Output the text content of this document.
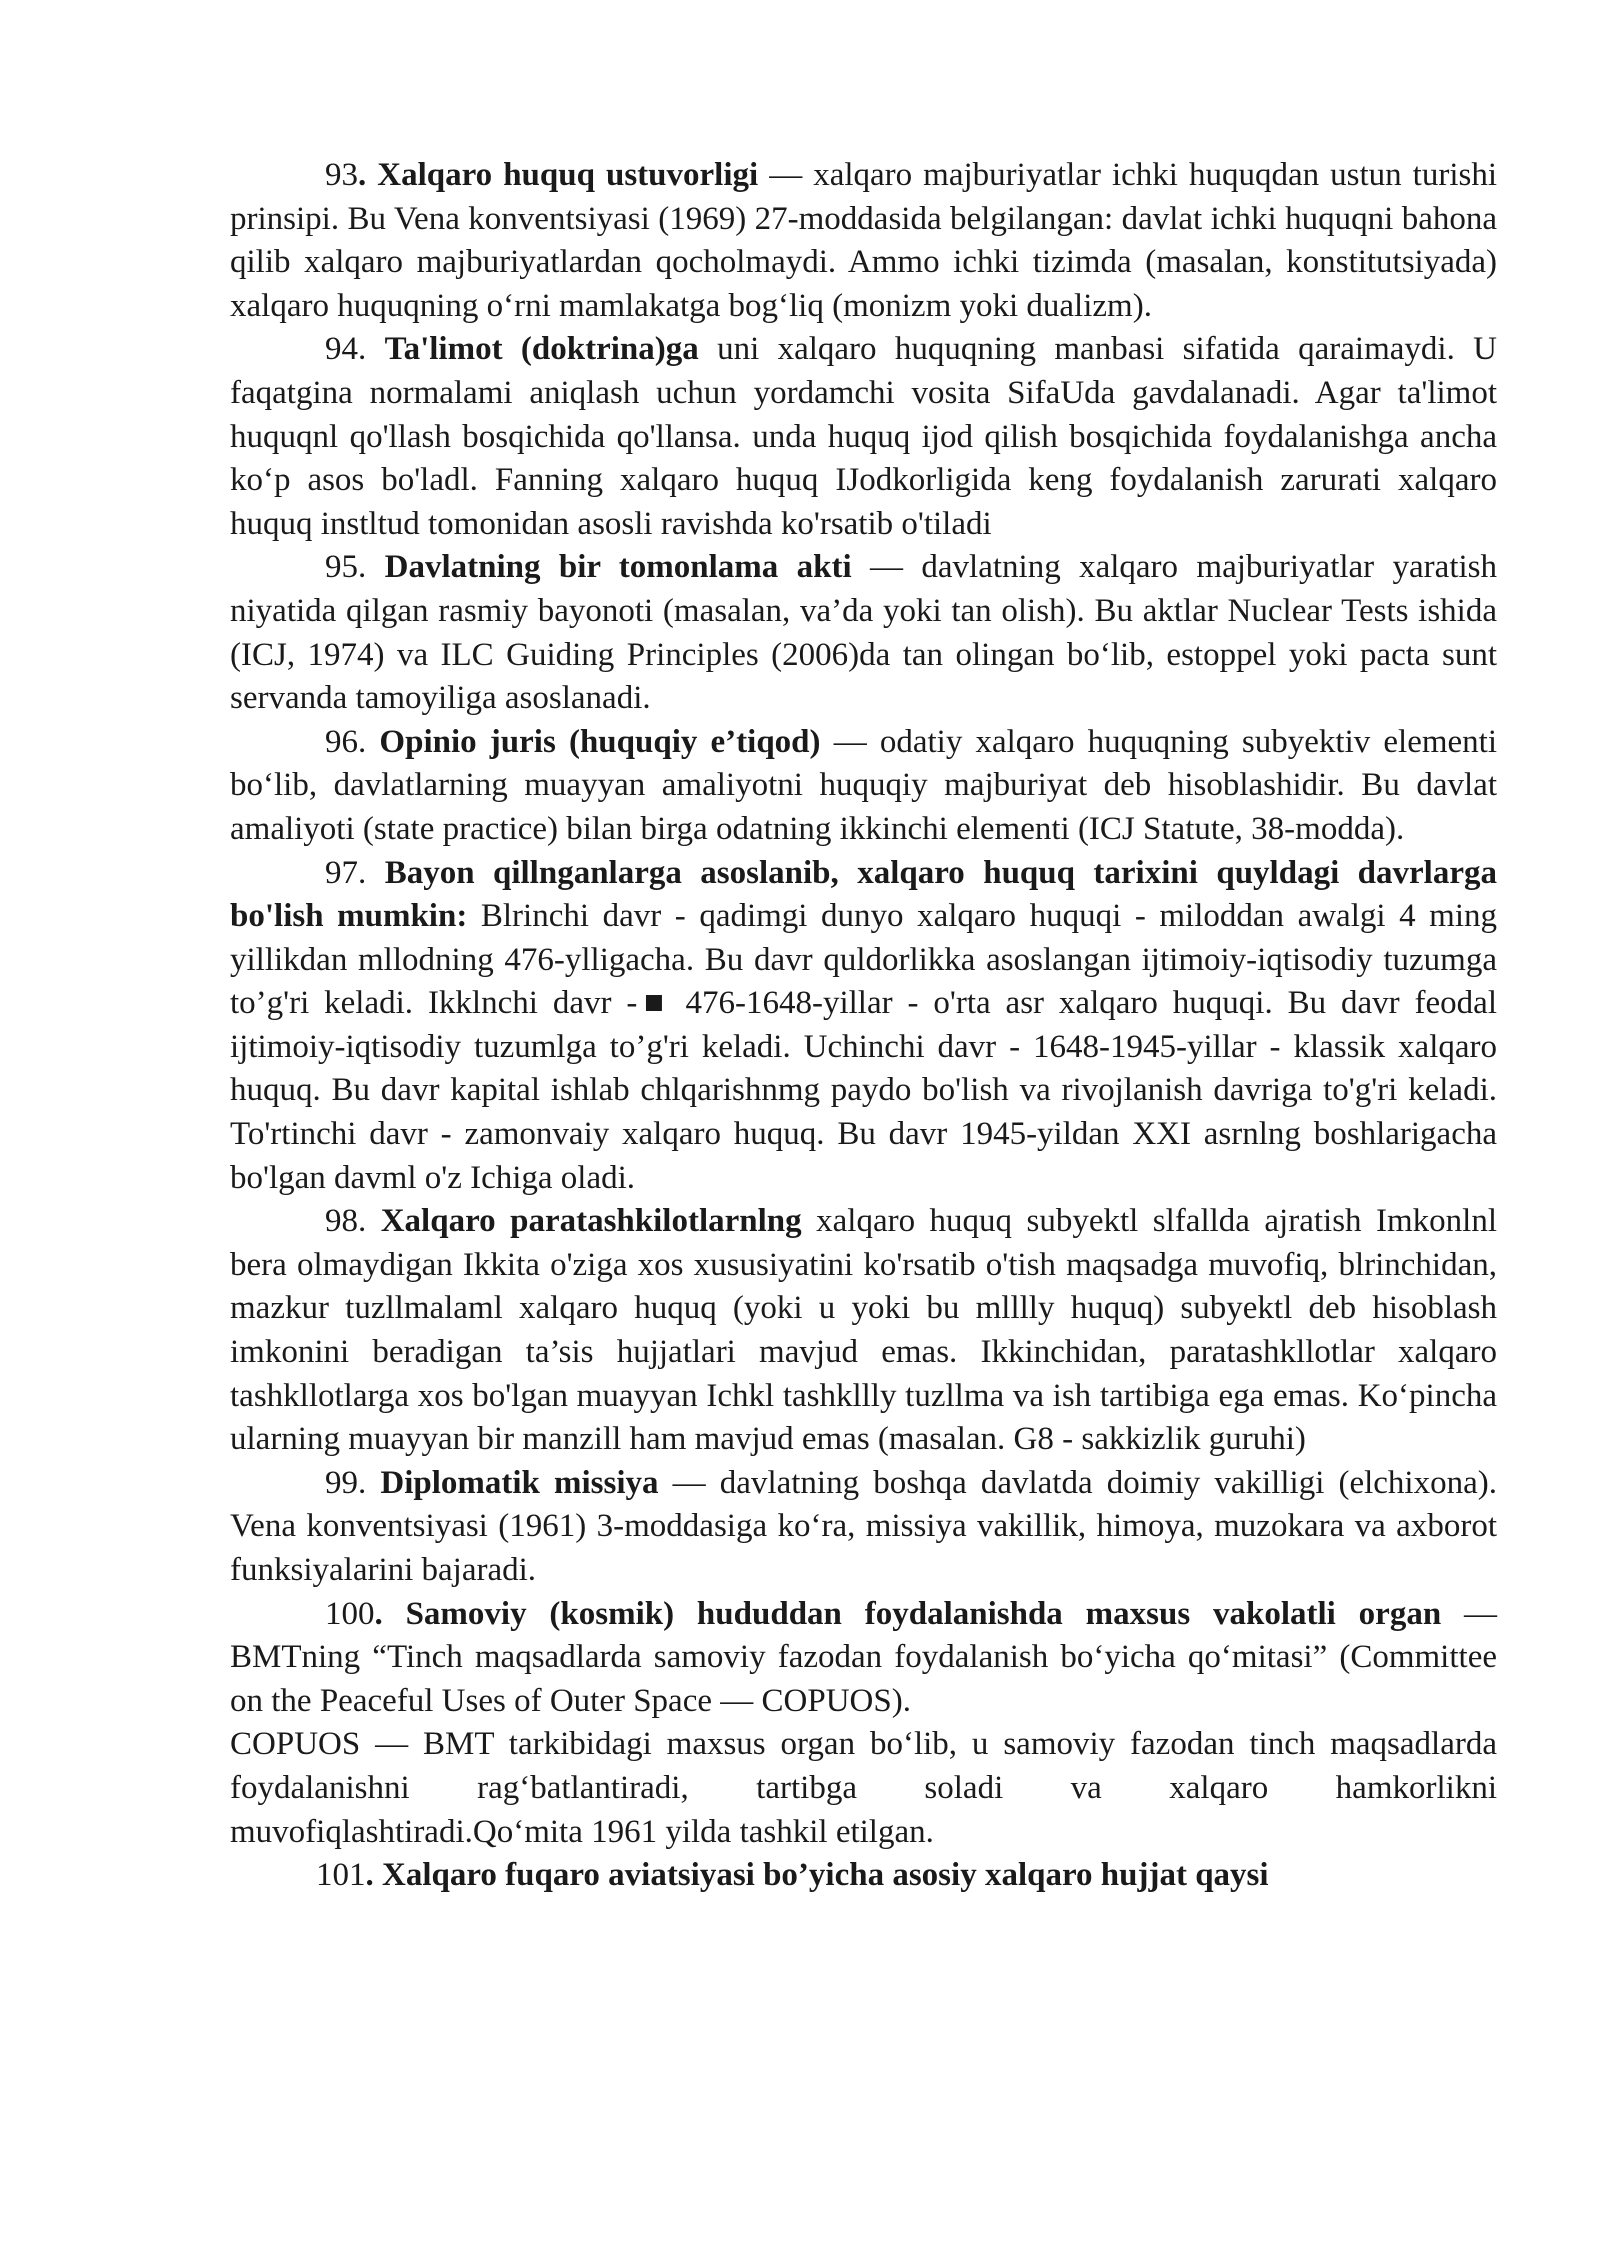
93. Xalqaro huquq ustuvorligi — xalqaro majburiyatlar ichki huquqdan ustun turishi prinsipi. Bu Vena konventsiyasi (1969) 27-moddasida belgilangan: davlat ichki huquqni bahona qilib xalqaro majburiyatlardan qocholmaydi. Ammo ichki tizimda (masalan, konstitutsiyada) xalqaro huquqning oʻrni mamlakatga bogʻliq (monizm yoki dualizm).

94. Ta'limot (doktrina)ga uni xalqaro huquqning manbasi sifatida qaraimaydi. U faqatgina normalami aniqlash uchun yordamchi vosita SifaUda gavdalanadi. Agar ta'limot huquqnl qo'llash bosqichida qo'llansa. unda huquq ijod qilish bosqichida foydalanishga ancha koʻp asos bo'ladl. Fanning xalqaro huquq IJodkorligida keng foydalanish zarurati xalqaro huquq instltud tomonidan asosli ravishda ko'rsatib o'tiladi

95. Davlatning bir tomonlama akti — davlatning xalqaro majburiyatlar yaratish niyatida qilgan rasmiy bayonoti (masalan, va’da yoki tan olish). Bu aktlar Nuclear Tests ishida (ICJ, 1974) va ILC Guiding Principles (2006)da tan olingan boʻlib, estoppel yoki pacta sunt servanda tamoyiliga asoslanadi.

96. Opinio juris (huquqiy e’tiqod) — odatiy xalqaro huquqning subyektiv elementi boʻlib, davlatlarning muayyan amaliyotni huquqiy majburiyat deb hisoblashidir. Bu davlat amaliyoti (state practice) bilan birga odatning ikkinchi elementi (ICJ Statute, 38-modda).

97. Bayon qillnganlarga asoslanib, xalqaro huquq tarixini quyldagi davrlarga bo'lish mumkin: Blrinchi davr - qadimgi dunyo xalqaro huquqi - miloddan awalgi 4 ming yillikdan mllodning 476-ylligacha. Bu davr quldorlikka asoslangan ijtimoiy-iqtisodiy tuzumga to’g'ri keladi. Ikklnchi davr -■ 476-1648-yillar - o'rta asr xalqaro huquqi. Bu davr feodal ijtimoiy-iqtisodiy tuzumlga to’g'ri keladi. Uchinchi davr - 1648-1945-yillar - klassik xalqaro huquq. Bu davr kapital ishlab chlqarishnmg paydo bo'lish va rivojlanish davriga to'g'ri keladi. To'rtinchi davr - zamonvaiy xalqaro huquq. Bu davr 1945-yildan XXI asrnlng boshlarigacha bo'lgan davml o'z Ichiga oladi.

98. Xalqaro paratashkilotlarnlng xalqaro huquq subyektl slfallda ajratish Imkonlnl bera olmaydigan Ikkita o'ziga xos xususiyatini ko'rsatib o'tish maqsadga muvofiq, blrinchidan, mazkur tuzllmalaml xalqaro huquq (yoki u yoki bu mlllly huquq) subyektl deb hisoblash imkonini beradigan ta’sis hujjatlari mavjud emas. Ikkinchidan, paratashkllotlar xalqaro tashkllotlarga xos bo'lgan muayyan Ichkl tashkllly tuzllma va ish tartibiga ega emas. Koʻpincha ularning muayyan bir manzill ham mavjud emas (masalan. G8 - sakkizlik guruhi)

99. Diplomatik missiya — davlatning boshqa davlatda doimiy vakilligi (elchixona). Vena konventsiyasi (1961) 3-moddasiga koʻra, missiya vakillik, himoya, muzokara va axborot funksiyalarini bajaradi.

100. Samoviy (kosmik) hududdan foydalanishda maxsus vakolatli organ — BMTning “Tinch maqsadlarda samoviy fazodan foydalanish boʻyicha qoʻmitasi” (Committee on the Peaceful Uses of Outer Space — COPUOS).

COPUOS — BMT tarkibidagi maxsus organ boʻlib, u samoviy fazodan tinch maqsadlarda foydalanishni ragʻbatlantiradi, tartibga soladi va xalqaro hamkorlikni muvofiqlashtiradi.Qoʻmita 1961 yilda tashkil etilgan.

101. Xalqaro fuqaro aviatsiyasi bo’yicha asosiy xalqaro hujjat qaysi
